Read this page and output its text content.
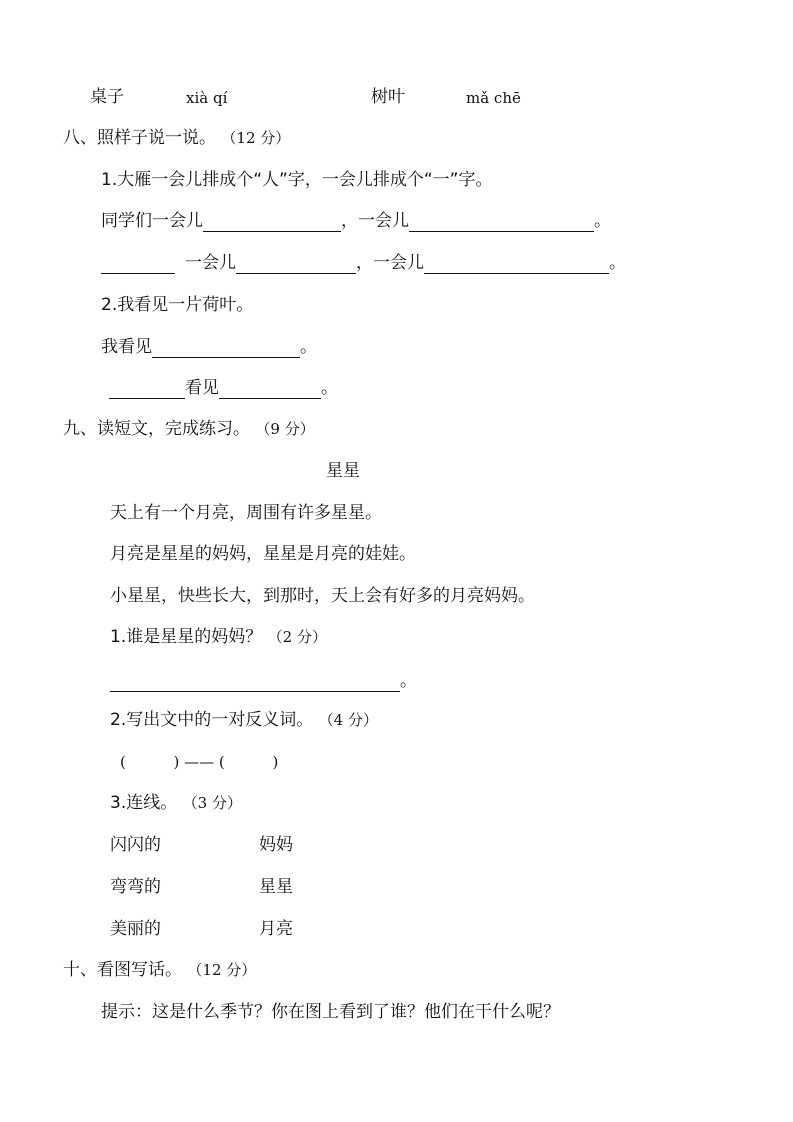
桌子	xià qí	树叶	mǎ chē
八、照样子说一说。 （12 分）
1.大雁一会儿排成个“人”字，一会儿排成个“一”字。
同学们一会儿	，一会儿	。
一会儿	，一会儿	。
2.我看见一片荷叶。
我看见	。
看见	。
九、读短文，完成练习。 （9 分）
星星
天上有一个月亮，周围有许多星星。
月亮是星星的妈妈，星星是月亮的娃娃。
小星星，快些长大，到那时，天上会有好多的月亮妈妈。
1.谁是星星的妈妈？ （2 分）
。
2.写出文中的一对反义词。 （4 分）
(          ) —— (          )
3.连线。 （3 分）
闪闪的	妈妈
弯弯的	星星
美丽的	月亮
十、看图写话。 （12 分）
提示：这是什么季节？你在图上看到了谁？他们在干什么呢？
